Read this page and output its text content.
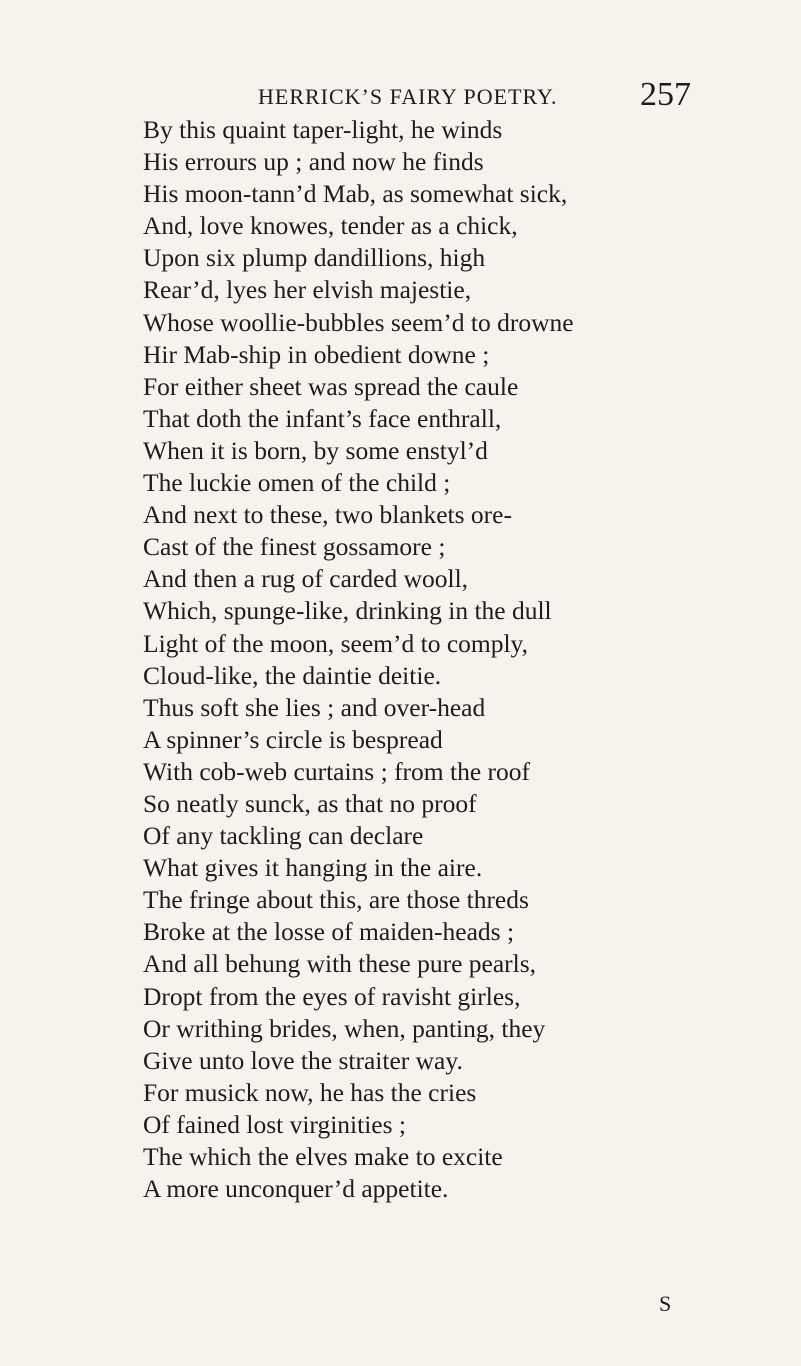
HERRICK’S FAIRY POETRY. 257
By this quaint taper-light, he winds
His errours up ; and now he finds
His moon-tann’d Mab, as somewhat sick,
And, love knowes, tender as a chick,
Upon six plump dandillions, high
Rear’d, lyes her elvish majestie,
Whose woollie-bubbles seem’d to drowne
Hir Mab-ship in obedient downe ;
For either sheet was spread the caule
That doth the infant’s face enthrall,
When it is born, by some enstyl’d
The luckie omen of the child ;
And next to these, two blankets ore-
Cast of the finest gossamore ;
And then a rug of carded wooll,
Which, spunge-like, drinking in the dull
Light of the moon, seem’d to comply,
Cloud-like, the daintie deitie.
Thus soft she lies ; and over-head
A spinner’s circle is bespread
With cob-web curtains ; from the roof
So neatly sunck, as that no proof
Of any tackling can declare
What gives it hanging in the aire.
The fringe about this, are those threds
Broke at the losse of maiden-heads ;
And all behung with these pure pearls,
Dropt from the eyes of ravisht girles,
Or writhing brides, when, panting, they
Give unto love the straiter way.
For musick now, he has the cries
Of fained lost virginities ;
The which the elves make to excite
A more unconquer’d appetite.
S
